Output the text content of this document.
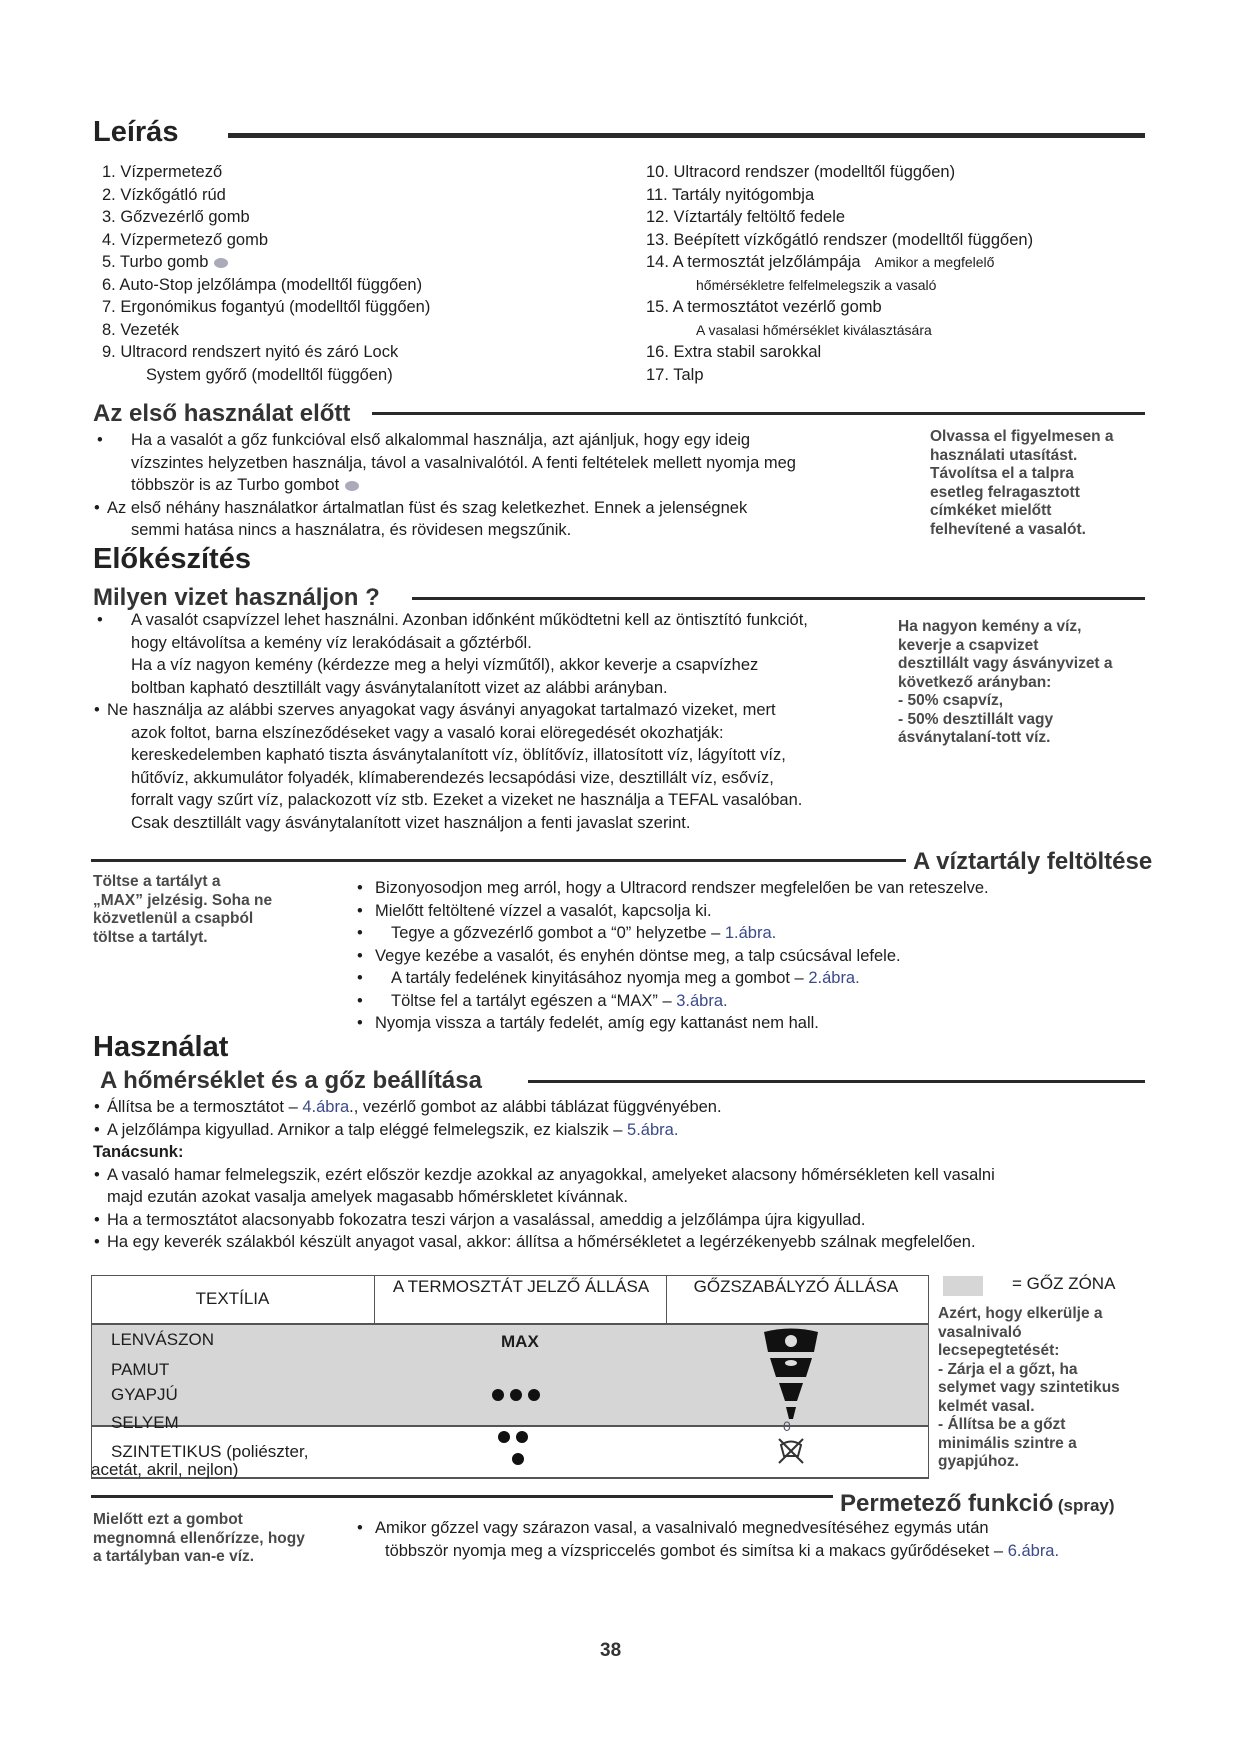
Leírás
1. Vízpermetező
2. Vízkőgátló rúd
3. Gőzvezérlő gomb
4. Vízpermetező gomb
5. Turbo gomb
6. Auto-Stop jelzőlámpa (modelltől függően)
7. Ergonómikus fogantyú (modelltől függően)
8. Vezeték
9. Ultracord rendszert nyitó és záró Lock
System győrő (modelltől függően)
10. Ultracord rendszer (modelltől függően)
11. Tartály nyitógombja
12. Víztartály feltöltő fedele
13. Beépített vízkőgátló rendszer (modelltől függően)
14. A termosztát jelzőlámpája Amikor a megfelelő
hőmérsékletre felfelmelegszik a vasaló
15. A termosztátot vezérlő gomb
A vasalasi hőmérséklet kiválasztására
16. Extra stabil sarokkal
17. Talp
Az első használat előtt
• Ha a vasalót a gőz funkcióval első alkalommal használja, azt ajánljuk, hogy egy ideig
vízszintes helyzetben használja, távol a vasalnivalótól. A fenti feltételek mellett nyomja meg
többször is az Turbo gombot
• Az első néhány használatkor ártalmatlan füst és szag keletkezhet. Ennek a jelenségnek
semmi hatása nincs a használatra, és rövidesen megszűnik.
Olvassa el figyelmesen a
használati utasítást.
Távolítsa el a talpra
esetleg felragasztott
címkéket mielőtt
felhevítené a vasalót.
Előkészítés
Milyen vizet használjon ?
• A vasalót csapvízzel lehet használni. Azonban időnként működtetni kell az öntisztító funkciót,
hogy eltávolítsa a kemény víz lerakódásait a gőztérből.
Ha a víz nagyon kemény (kérdezze meg a helyi vízműtől), akkor keverje a csapvízhez
boltban kapható desztillált vagy ásványtalanított vizet az alábbi arányban.
• Ne használja az alábbi szerves anyagokat vagy ásványi anyagokat tartalmazó vizeket, mert
azok foltot, barna elszíneződéseket vagy a vasaló korai elöregedését okozhatják:
kereskedelemben kapható tiszta ásványtalanított víz, öblítővíz, illatosított víz, lágyított víz,
hűtővíz, akkumulátor folyadék, klímaberendezés lecsapódási vize, desztillált víz, esővíz,
forralt vagy szűrt víz, palackozott víz stb. Ezeket a vizeket ne használja a TEFAL vasalóban.
Csak desztillált vagy ásványtalanított vizet használjon a fenti javaslat szerint.
Ha nagyon kemény a víz,
keverje a csapvizet
desztillált vagy ásványvizet a
következő arányban:
- 50% csapvíz,
- 50% desztillált vagy
ásványtalaní-tott víz.
A víztartály feltöltése
Töltse a tartályt a
„MAX” jelzésig. Soha ne
közvetlenül a csapból
töltse a tartályt.
• Bizonyosodjon meg arról, hogy a Ultracord rendszer megfelelően be van reteszelve.
• Mielőtt feltöltené vízzel a vasalót, kapcsolja ki.
• Tegye a gőzvezérlő gombot a “0” helyzetbe – 1.ábra.
• Vegye kezébe a vasalót, és enyhén döntse meg, a talp csúcsával lefele.
• A tartály fedelének kinyitásához nyomja meg a gombot – 2.ábra.
• Töltse fel a tartályt egészen a “MAX” – 3.ábra.
• Nyomja vissza a tartály fedelét, amíg egy kattanást nem hall.
Használat
A hőmérséklet és a gőz beállítása
• Állítsa be a termosztátot – 4.ábra., vezérlő gombot az alábbi táblázat függvényében.
• A jelzőlámpa kigyullad. Arnikor a talp eléggé felmelegszik, ez kialszik – 5.ábra.
Tanácsunk:
• A vasaló hamar felmelegszik, ezért először kezdje azokkal az anyagokkal, amelyeket alacsony hőmérsékleten kell vasalni
majd ezután azokat vasalja amelyek magasabb hőmérskletet kívánnak.
• Ha a termosztátot alacsonyabb fokozatra teszi várjon a vasalással, ameddig a jelzőlámpa újra kigyullad.
• Ha egy keverék szálakból készült anyagot vasal, akkor: állítsa a hőmérsékletet a legérzékenyebb szálnak megfelelően.
TEXTÍLIA
A TERMOSZTÁT JELZŐ ÁLLÁSA	GŐZSZABÁLYZÓ ÁLLÁSA
LENVÁSZON
PAMUT
GYAPJÚ
SELYEM
SZINTETIKUS (poliészter,
acetát, akril, nejlon)
MAX
0
= GŐZ ZÓNA
Azért, hogy elkerülje a
vasalnivaló
lecsepegtetését:
- Zárja el a gőzt, ha
selymet vagy szintetikus
kelmét vasal.
- Állítsa be a gőzt
minimális szintre a
gyapjúhoz.
Permetező funkció (spray)
Mielőtt ezt a gombot
megnomná ellenőrízze, hogy
a tartályban van-e víz.
• Amikor gőzzel vagy szárazon vasal, a vasalnivaló megnedvesítéséhez egymás után
többször nyomja meg a vízspriccelés gombot és simítsa ki a makacs gyűrődéseket – 6.ábra.
38
